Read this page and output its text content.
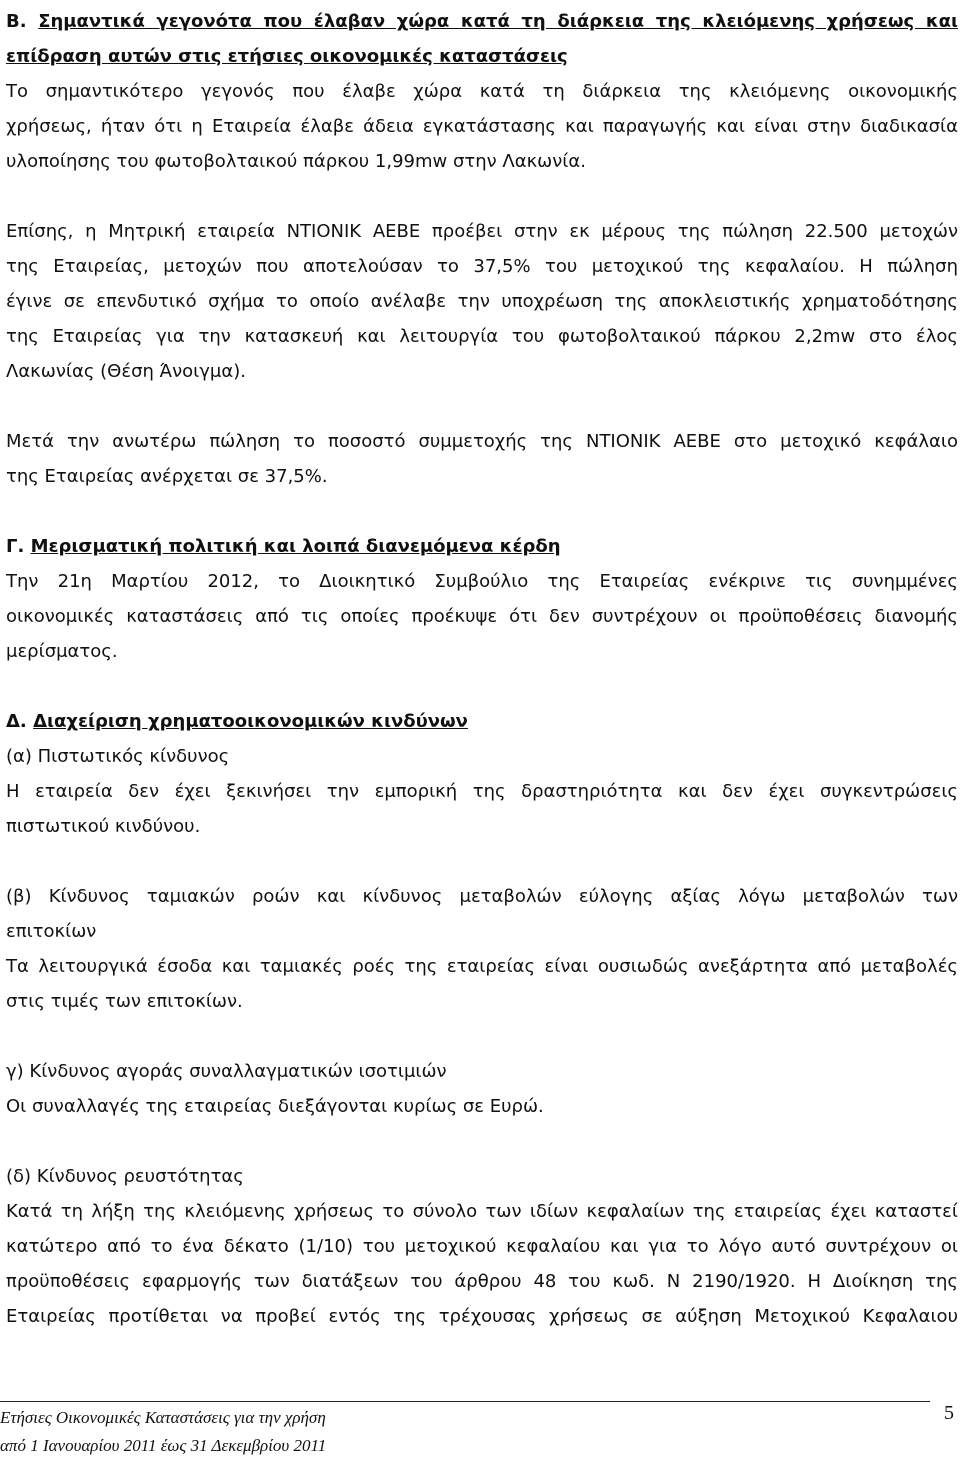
B. Σημαντικά γεγονότα που έλαβαν χώρα κατά τη διάρκεια της κλειόμενης χρήσεως και
επίδραση αυτών στις ετήσιες οικονομικές καταστάσεις
Το σημαντικότερο γεγονός που έλαβε χώρα κατά τη διάρκεια της κλειόμενης οικονομικής
χρήσεως, ήταν ότι η Εταιρεία έλαβε άδεια εγκατάστασης και παραγωγής και είναι στην διαδικασία
υλοποίησης του φωτοβολταικού πάρκου 1,99mw στην Λακωνία.
Επίσης, η Μητρική εταιρεία ΝΤΙΟΝΙΚ ΑΕΒΕ προέβει στην εκ μέρους της πώληση 22.500 μετοχών
της Εταιρείας, μετοχών που αποτελούσαν το 37,5% του μετοχικού της κεφαλαίου. Η πώληση
έγινε σε επενδυτικό σχήμα το οποίο ανέλαβε την υποχρέωση της αποκλειστικής χρηματοδότησης
της Εταιρείας για την κατασκευή και λειτουργία του φωτοβολταικού πάρκου 2,2mw στο έλος
Λακωνίας (Θέση Άνοιγμα).
Μετά την ανωτέρω πώληση το ποσοστό συμμετοχής της ΝΤΙΟΝΙΚ ΑΕΒΕ στο μετοχικό κεφάλαιο
της Εταιρείας ανέρχεται σε 37,5%.
Γ. Μερισματική πολιτική και λοιπά διανεμόμενα κέρδη
Την 21η Μαρτίου 2012, το Διοικητικό Συμβούλιο της Εταιρείας ενέκρινε τις συνημμένες
οικονομικές καταστάσεις από τις οποίες προέκυψε ότι δεν συντρέχουν οι προϋποθέσεις διανομής
μερίσματος.
Δ. Διαχείριση χρηματοοικονομικών κινδύνων
(α) Πιστωτικός κίνδυνος
Η εταιρεία δεν έχει ξεκινήσει την εμπορική της δραστηριότητα και δεν έχει συγκεντρώσεις
πιστωτικού κινδύνου.
(β) Κίνδυνος ταμιακών ροών και κίνδυνος μεταβολών εύλογης αξίας λόγω μεταβολών των
επιτοκίων
Τα λειτουργικά έσοδα και ταμιακές ροές της εταιρείας είναι ουσιωδώς ανεξάρτητα από μεταβολές
στις τιμές των επιτοκίων.
γ) Κίνδυνος αγοράς συναλλαγματικών ισοτιμιών
Οι συναλλαγές της εταιρείας διεξάγονται κυρίως σε Ευρώ.
(δ) Κίνδυνος ρευστότητας
Κατά τη λήξη της κλειόμενης χρήσεως το σύνολο των ιδίων κεφαλαίων της εταιρείας έχει καταστεί
κατώτερο από το ένα δέκατο (1/10) του μετοχικού κεφαλαίου και για το λόγο αυτό συντρέχουν οι
προϋποθέσεις εφαρμογής των διατάξεων του άρθρου 48 του κωδ. Ν 2190/1920. Η Διοίκηση της
Εταιρείας προτίθεται να προβεί εντός της τρέχουσας χρήσεως σε αύξηση Μετοχικού Κεφαλαιου
Ετήσιες Οικονομικές Καταστάσεις για την χρήση
από 1 Ιανουαρίου 2011 έως 31 Δεκεμβρίου 2011
5
